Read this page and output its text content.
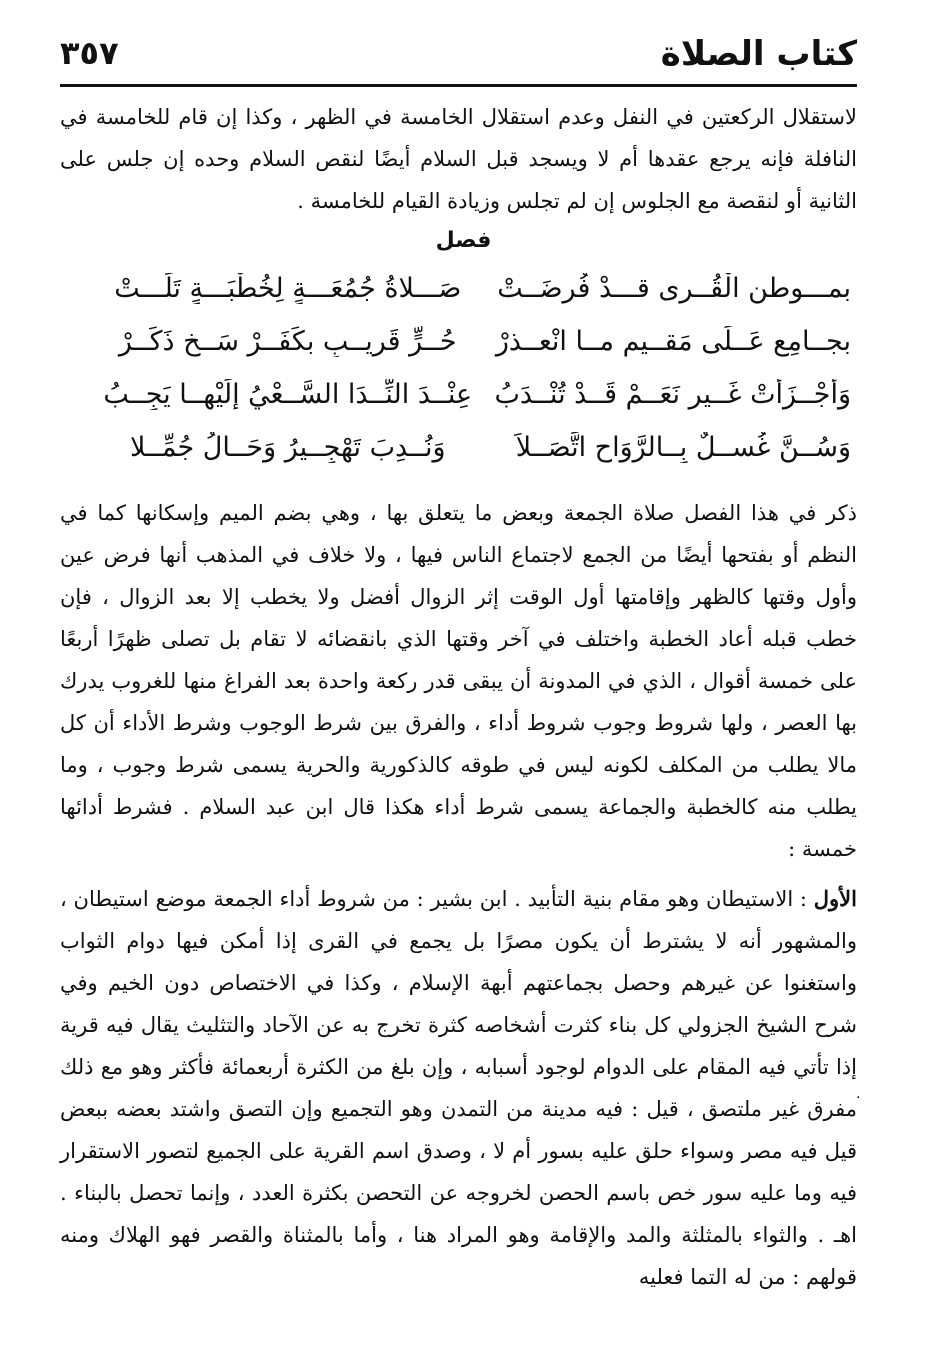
كتاب الصلاة
٣٥٧

لاستقلال الركعتين في النفل وعدم استقلال الخامسة في الظهر ، وكذا إن قام للخامسة في النافلة فإنه يرجع عقدها أم لا ويسجد قبل السلام أيضًا لنقص السلام وحده إن جلس على الثانية أو لنقصة مع الجلوس إن لم تجلس وزيادة القيام للخامسة .

فصل
بمـــوطنِ الْقُــرى قـــدْ فُرِضَــتْ
صَـــلاةُ جُمُعَـــةٍ لِخُطْبَـــةٍ تَلَـــتْ
بجــامِعِ عَــلَى مَقــيمٍ مــا انْعــذرْ
حُــرٍّ قَرِيــبٍ بكَفَــرْ سَــخٍ ذَكَــرْ
وَأجْــزَأَتْ غَــير نَعَــمْ قَــدْ تُنْــدَبُ
عِنْــدَ النِّــدَا السَّــعْيُ إِلَيْهــا يَجِــبُ
وَسُــنَّ غُســلٌ بِــالرَّوَاحِ اتَّصَــلاَ
وَنُــدِبَ تَهْجِــيرُ وَحَــالُ جُمِّــلا

ذكر في هذا الفصل صلاة الجمعة وبعض ما يتعلق بها ، وهي بضم الميم وإسكانها كما في النظم أو بفتحها أيضًا من الجمع لاجتماع الناس فيها ، ولا خلاف في المذهب أنها فرض عين وأول وقتها كالظهر وإقامتها أول الوقت إثر الزوال أفضل ولا يخطب إلا بعد الزوال ، فإن خطب قبله أعاد الخطبة واختلف في آخر وقتها الذي بانقضائه لا تقام بل تصلى ظهرًا أربعًا على خمسة أقوال ، الذي في المدونة أن يبقى قدر ركعة واحدة بعد الفراغ منها للغروب يدرك بها العصر ، ولها شروط وجوب شروط أداء ، والفرق بين شرط الوجوب وشرط الأداء أن كل مالا يطلب من المكلف لكونه ليس في طوقه كالذكورية والحرية يسمى شرط وجوب ، وما يطلب منه كالخطبة والجماعة يسمى شرط أداء هكذا قال ابن عبد السلام . فشرط أدائها خمسة :

الأول : الاستيطان وهو مقام بنية التأبيد . ابن بشير : من شروط أداء الجمعة موضع استيطان ، والمشهور أنه لا يشترط أن يكون مصرًا بل يجمع في القرى إذا أمكن فيها دوام الثواب واستغنوا عن غيرهم وحصل بجماعتهم أبهة الإسلام ، وكذا في الاختصاص دون الخيم وفي شرح الشيخ الجزولي كل بناء كثرت أشخاصه كثرة تخرج به عن الآحاد والتثليث يقال فيه قرية إذا تأتي فيه المقام على الدوام لوجود أسبابه ، وإن بلغ من الكثرة أربعمائة فأكثر وهو مع ذلك مفرق غير ملتصق ، قيل : فيه مدينة من التمدن وهو التجميع وإن التصق واشتد بعضه ببعض قيل فيه مصر وسواء حلق عليه بسور أم لا ، وصدق اسم القرية على الجميع لتصور الاستقرار فيه وما عليه سور خص باسم الحصن لخروجه عن التحصن بكثرة العدد ، وإنما تحصل بالبناء . اهـ . والثواء بالمثلثة والمد والإقامة وهو المراد هنا ، وأما بالمثناة والقصر فهو الهلاك ومنه قولهم : من له التما فعليه

·
